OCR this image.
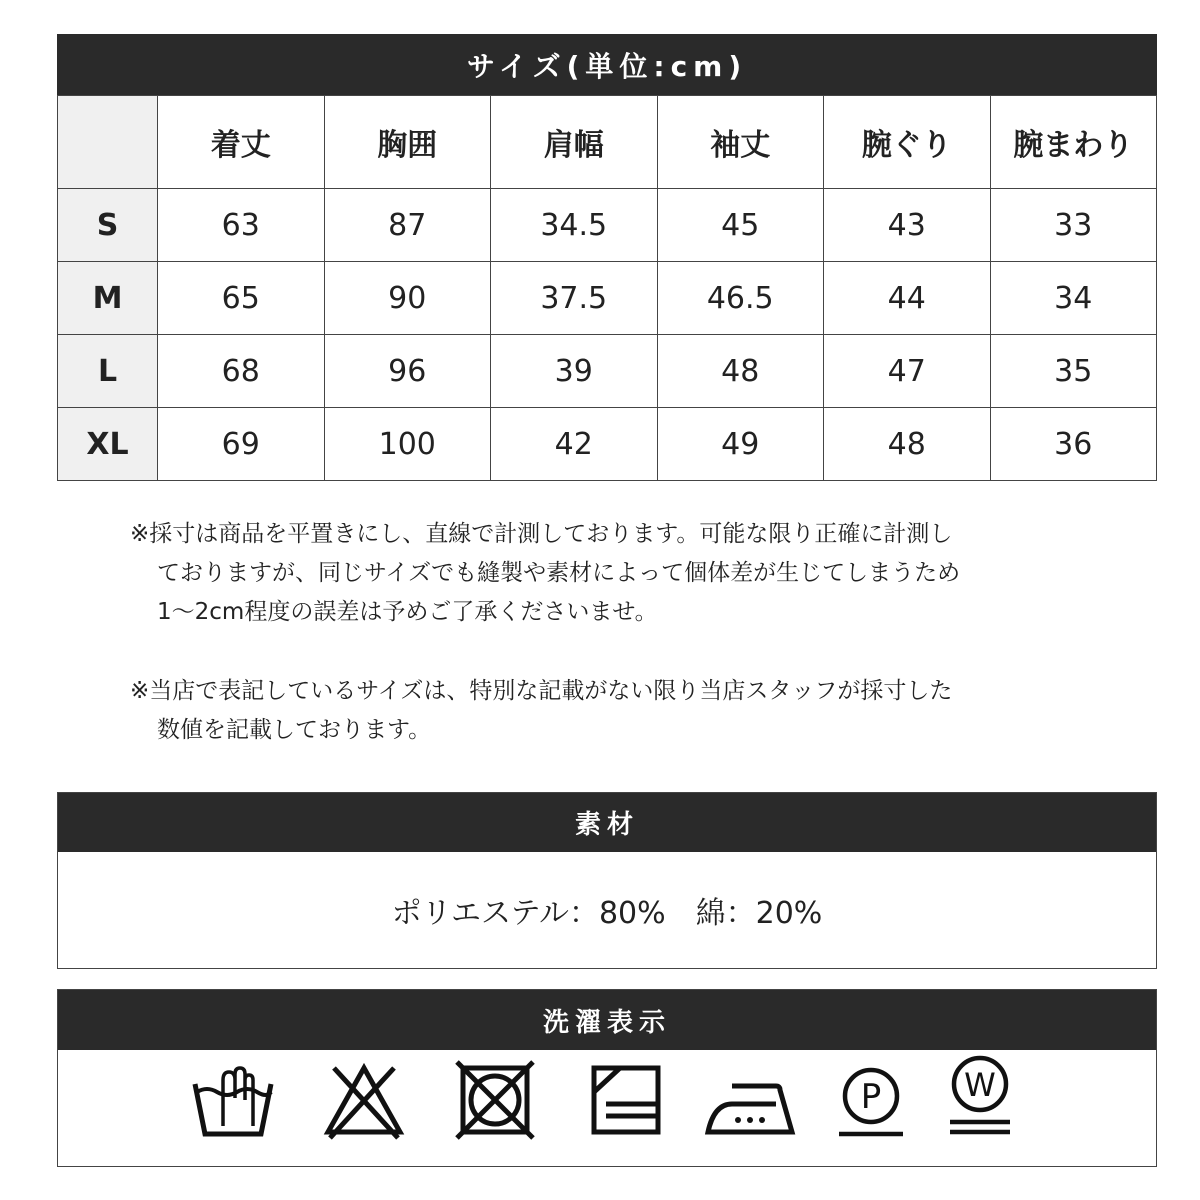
サイズ(単位:cm)
	着丈	胸囲	肩幅	袖丈	腕ぐり	腕まわり
S	63	87	34.5	45	43	33
M	65	90	37.5	46.5	44	34
L	68	96	39	48	47	35
XL	69	100	42	49	48	36
※採寸は商品を平置きにし、直線で計測しております。可能な限り正確に計測し
ておりますが、同じサイズでも縫製や素材によって個体差が生じてしまうため
1〜2cm程度の誤差は予めご了承くださいませ。
※当店で表記しているサイズは、特別な記載がない限り当店スタッフが採寸した
数値を記載しております。
素材
ポリエステル：80%　綿：20%
洗濯表示
P	W
